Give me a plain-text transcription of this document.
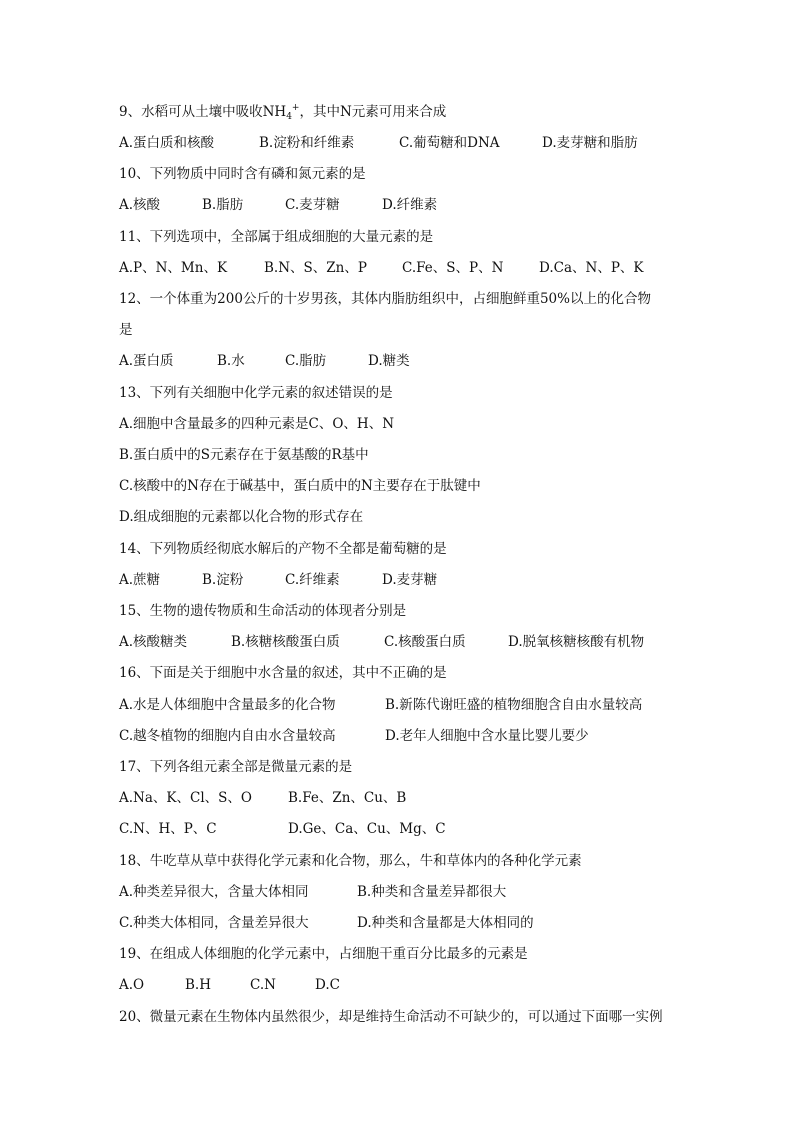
9、水稻可从土壤中吸收$NH_4^+$，其中N元素可用来合成
A.蛋白质和核酸	B.淀粉和纤维素	C.葡萄糖和DNA	D.麦芽糖和脂肪
10、下列物质中同时含有磷和氮元素的是
A.核酸	B.脂肪	C.麦芽糖	D.纤维素
11、下列选项中，全部属于组成细胞的大量元素的是
A.P、N、Mn、K	B.N、S、Zn、P	C.Fe、S、P、N	D.Ca、N、P、K
12、一个体重为200公斤的十岁男孩，其体内脂肪组织中，占细胞鲜重50%以上的化合物
是
A.蛋白质	B.水	C.脂肪	D.糖类
13、下列有关细胞中化学元素的叙述错误的是
A.细胞中含量最多的四种元素是C、O、H、N
B.蛋白质中的S元素存在于氨基酸的R基中
C.核酸中的N存在于碱基中，蛋白质中的N主要存在于肽键中
D.组成细胞的元素都以化合物的形式存在
14、下列物质经彻底水解后的产物不全都是葡萄糖的是
A.蔗糖	B.淀粉	C.纤维素	D.麦芽糖
15、生物的遗传物质和生命活动的体现者分别是
A.核酸糖类	B.核糖核酸蛋白质	C.核酸蛋白质	D.脱氧核糖核酸有机物
16、下面是关于细胞中水含量的叙述，其中不正确的是
A.水是人体细胞中含量最多的化合物	B.新陈代谢旺盛的植物细胞含自由水量较高
C.越冬植物的细胞内自由水含量较高	D.老年人细胞中含水量比婴儿要少
17、下列各组元素全部是微量元素的是
A.Na、K、Cl、S、O	B.Fe、Zn、Cu、B
C.N、H、P、C	D.Ge、Ca、Cu、Mg、C
18、牛吃草从草中获得化学元素和化合物，那么，牛和草体内的各种化学元素
A.种类差异很大，含量大体相同	B.种类和含量差异都很大
C.种类大体相同，含量差异很大	D.种类和含量都是大体相同的
19、在组成人体细胞的化学元素中，占细胞干重百分比最多的元素是
A.O	B.H	C.N	D.C
20、微量元素在生物体内虽然很少，却是维持生命活动不可缺少的，可以通过下面哪一实例
